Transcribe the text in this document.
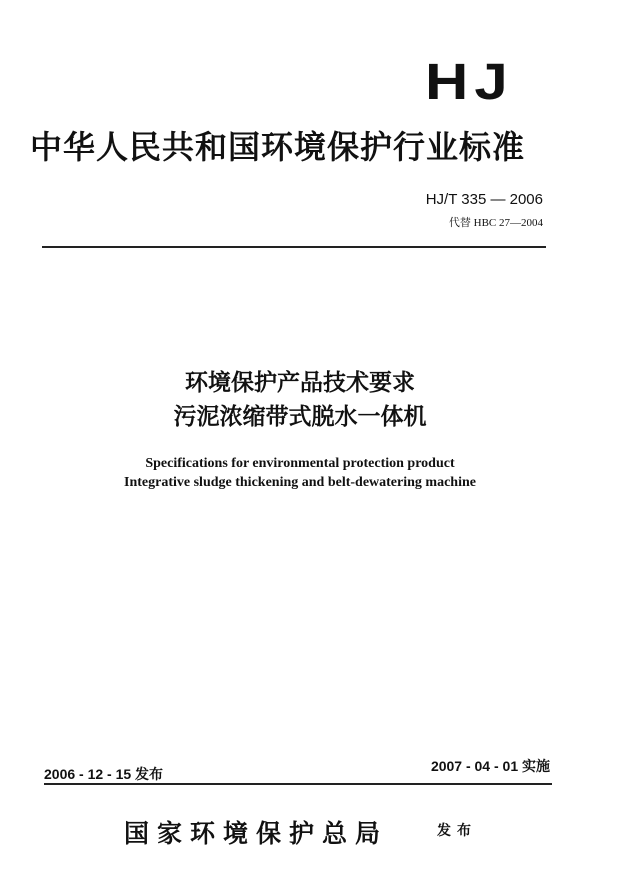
HJ
中华人民共和国环境保护行业标准
HJ/T 335 — 2006
代替 HBC 27—2004
环境保护产品技术要求
污泥浓缩带式脱水一体机
Specifications for environmental protection product
Integrative sludge thickening and belt-dewatering machine
2006 - 12 - 15 发布	2007 - 04 - 01 实施
国家环境保护总局	发布
